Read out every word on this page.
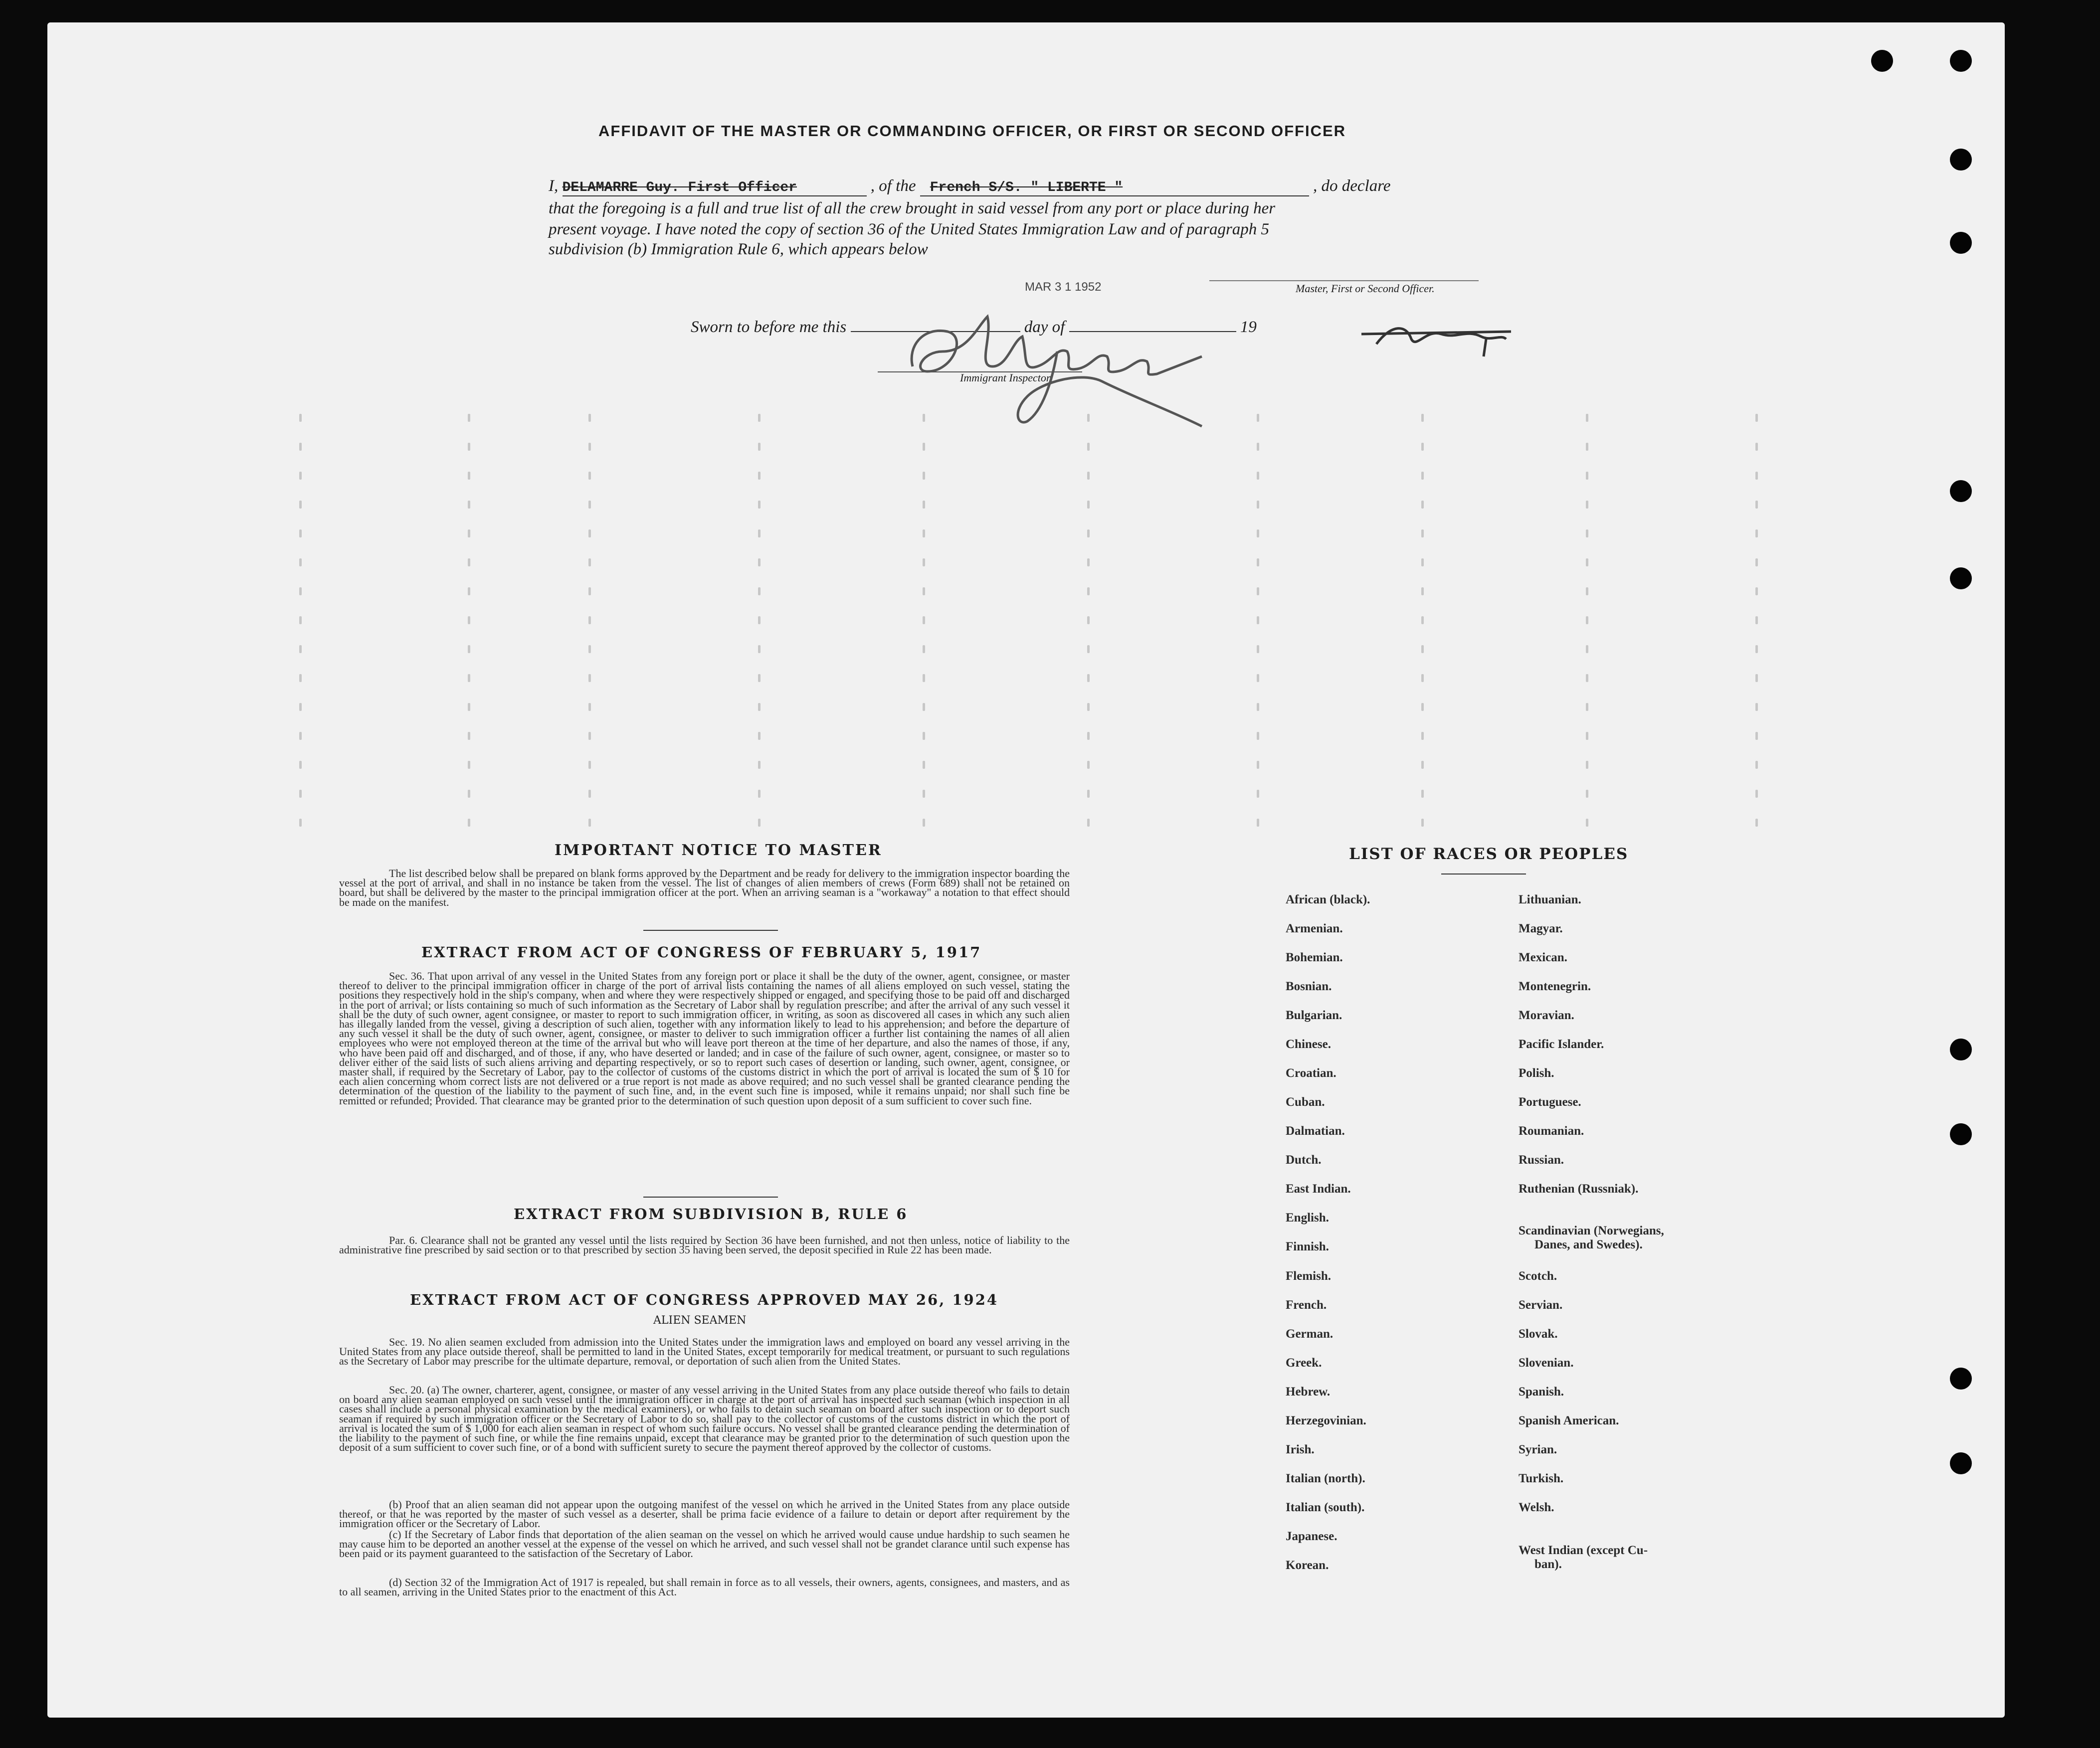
AFFIDAVIT OF THE MASTER OR COMMANDING OFFICER, OR FIRST OR SECOND OFFICER
I, DELAMARRE Guy. First Officer	, of the French S/S. " LIBERTE "	, do declare
that the foregoing is a full and true list of all the crew brought in said vessel from any port or place during her
present voyage. I have noted the copy of section 36 of the United States Immigration Law and of paragraph 5
subdivision (b) Immigration Rule 6, which appears below
MAR 3 1 1952	Master, First or Second Officer.
Sworn to before me this	day of	19
Immigrant Inspector.
IMPORTANT NOTICE TO MASTER
The list described below shall be prepared on blank forms approved by the Department and be ready for delivery to the immigration inspector boarding the vessel at the port of arrival, and shall in no instance be taken from the vessel. The list of changes of alien members of crews (Form 689) shall not be retained on board, but shall be delivered by the master to the principal immigration officer at the port. When an arriving seaman is a "workaway" a notation to that effect should be made on the manifest.
EXTRACT FROM ACT OF CONGRESS OF FEBRUARY 5, 1917
Sec. 36. That upon arrival of any vessel in the United States from any foreign port or place it shall be the duty of the owner, agent, consignee, or master thereof to deliver to the principal immigration officer in charge of the port of arrival lists containing the names of all aliens employed on such vessel, stating the positions they respectively hold in the ship's company, when and where they were respectively shipped or engaged, and specifying those to be paid off and discharged in the port of arrival; or lists containing so much of such information as the Secretary of Labor shall by regulation prescribe; and after the arrival of any such vessel it shall be the duty of such owner, agent consignee, or master to report to such immigration officer, in writing, as soon as discovered all cases in which any such alien has illegally landed from the vessel, giving a description of such alien, together with any information likely to lead to his apprehension; and before the departure of any such vessel it shall be the duty of such owner, agent, consignee, or master to deliver to such immigration officer a further list containing the names of all alien employees who were not employed thereon at the time of the arrival but who will leave port thereon at the time of her departure, and also the names of those, if any, who have been paid off and discharged, and of those, if any, who have deserted or landed; and in case of the failure of such owner, agent, consignee, or master so to deliver either of the said lists of such aliens arriving and departing respectively, or so to report such cases of desertion or landing, such owner, agent, consignee, or master shall, if required by the Secretary of Labor, pay to the collector of customs of the customs district in which the port of arrival is located the sum of $ 10 for each alien concerning whom correct lists are not delivered or a true report is not made as above required; and no such vessel shall be granted clearance pending the determination of the question of the liability to the payment of such fine, and, in the event such fine is imposed, while it remains unpaid; nor shall such fine be remitted or refunded; Provided. That clearance may be granted prior to the determination of such question upon deposit of a sum sufficient to cover such fine.
EXTRACT FROM SUBDIVISION B, RULE 6
Par. 6. Clearance shall not be granted any vessel until the lists required by Section 36 have been furnished, and not then unless, notice of liability to the administrative fine prescribed by said section or to that prescribed by section 35 having been served, the deposit specified in Rule 22 has been made.
EXTRACT FROM ACT OF CONGRESS APPROVED MAY 26, 1924
ALIEN SEAMEN
Sec. 19. No alien seamen excluded from admission into the United States under the immigration laws and employed on board any vessel arriving in the United States from any place outside thereof, shall be permitted to land in the United States, except temporarily for medical treatment, or pursuant to such regulations as the Secretary of Labor may prescribe for the ultimate departure, removal, or deportation of such alien from the United States.
Sec. 20. (a) The owner, charterer, agent, consignee, or master of any vessel arriving in the United States from any place outside thereof who fails to detain on board any alien seaman employed on such vessel until the immigration officer in charge at the port of arrival has inspected such seaman (which inspection in all cases shall include a personal physical examination by the medical examiners), or who fails to detain such seaman on board after such inspection or to deport such seaman if required by such immigration officer or the Secretary of Labor to do so, shall pay to the collector of customs of the customs district in which the port of arrival is located the sum of $ 1,000 for each alien seaman in respect of whom such failure occurs. No vessel shall be granted clearance pending the determination of the liability to the payment of such fine, or while the fine remains unpaid, except that clearance may be granted prior to the determination of such question upon the deposit of a sum sufficient to cover such fine, or of a bond with sufficient surety to secure the payment thereof approved by the collector of customs.
(b) Proof that an alien seaman did not appear upon the outgoing manifest of the vessel on which he arrived in the United States from any place outside thereof, or that he was reported by the master of such vessel as a deserter, shall be prima facie evidence of a failure to detain or deport after requirement by the immigration officer or the Secretary of Labor.
(c) If the Secretary of Labor finds that deportation of the alien seaman on the vessel on which he arrived would cause undue hardship to such seamen he may cause him to be deported an another vessel at the expense of the vessel on which he arrived, and such vessel shall not be grandet clarance until such expense has been paid or its payment guaranteed to the satisfaction of the Secretary of Labor.
(d) Section 32 of the Immigration Act of 1917 is repealed, but shall remain in force as to all vessels, their owners, agents, consignees, and masters, and as to all seamen, arriving in the United States prior to the enactment of this Act.
LIST OF RACES OR PEOPLES
African (black).
Armenian.
Bohemian.
Bosnian.
Bulgarian.
Chinese.
Croatian.
Cuban.
Dalmatian.
Dutch.
East Indian.
English.
Finnish.
Flemish.
French.
German.
Greek.
Hebrew.
Herzegovinian.
Irish.
Italian (north).
Italian (south).
Japanese.
Korean.
Lithuanian.
Magyar.
Mexican.
Montenegrin.
Moravian.
Pacific Islander.
Polish.
Portuguese.
Roumanian.
Russian.
Ruthenian (Russniak).
Scandinavian (Norwegians,
Danes, and Swedes).
Scotch.
Servian.
Slovak.
Slovenian.
Spanish.
Spanish American.
Syrian.
Turkish.
Welsh.
West Indian (except Cu-
ban).
